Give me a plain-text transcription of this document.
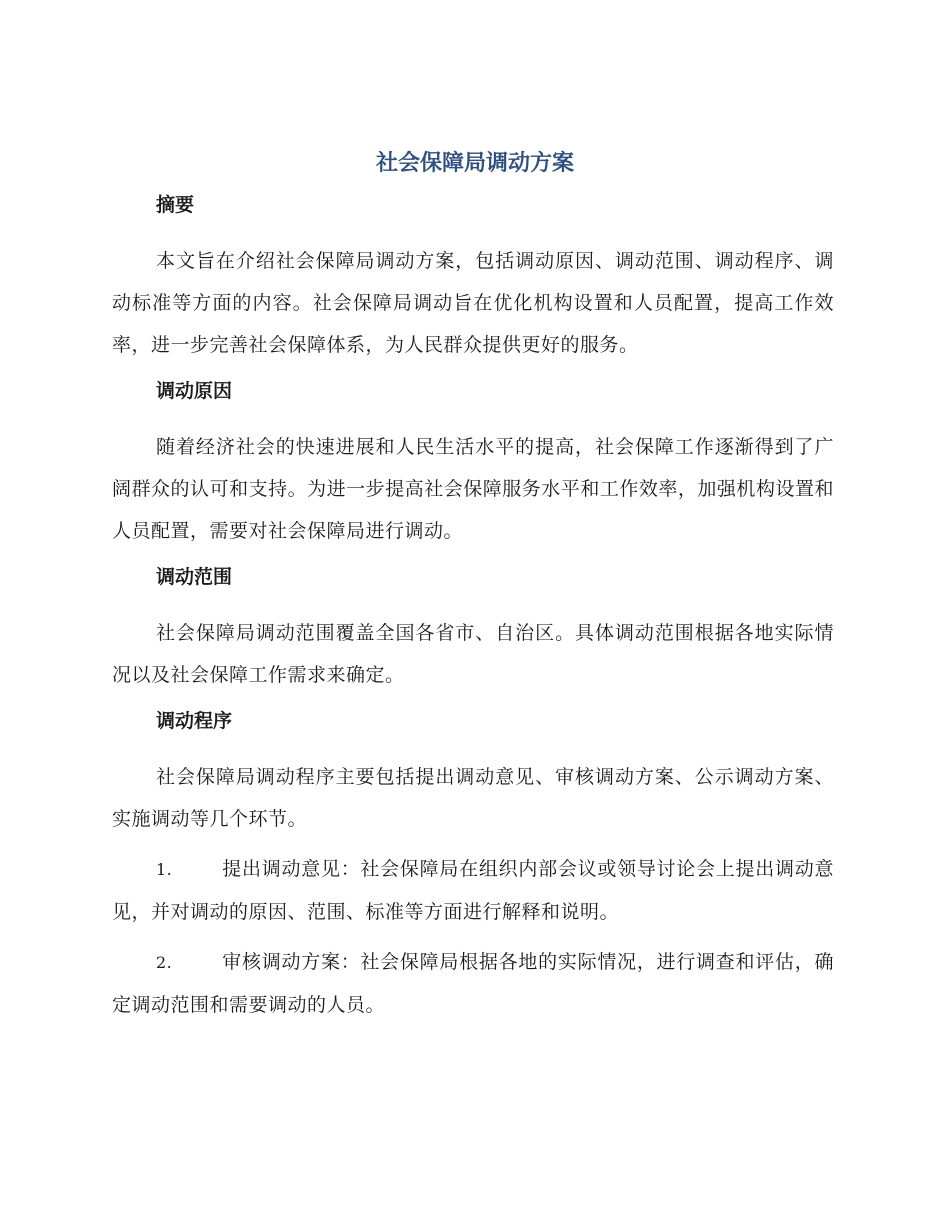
社会保障局调动方案
摘要

本文旨在介绍社会保障局调动方案，包括调动原因、调动范围、调动程序、调动标准等方面的内容。社会保障局调动旨在优化机构设置和人员配置，提高工作效率，进一步完善社会保障体系，为人民群众提供更好的服务。

调动原因

随着经济社会的快速进展和人民生活水平的提高，社会保障工作逐渐得到了广阔群众的认可和支持。为进一步提高社会保障服务水平和工作效率，加强机构设置和人员配置，需要对社会保障局进行调动。

调动范围

社会保障局调动范围覆盖全国各省市、自治区。具体调动范围根据各地实际情况以及社会保障工作需求来确定。

调动程序

社会保障局调动程序主要包括提出调动意见、审核调动方案、公示调动方案、实施调动等几个环节。

1.	提出调动意见：社会保障局在组织内部会议或领导讨论会上提出调动意见，并对调动的原因、范围、标准等方面进行解释和说明。

2.	审核调动方案：社会保障局根据各地的实际情况，进行调查和评估，确定调动范围和需要调动的人员。
